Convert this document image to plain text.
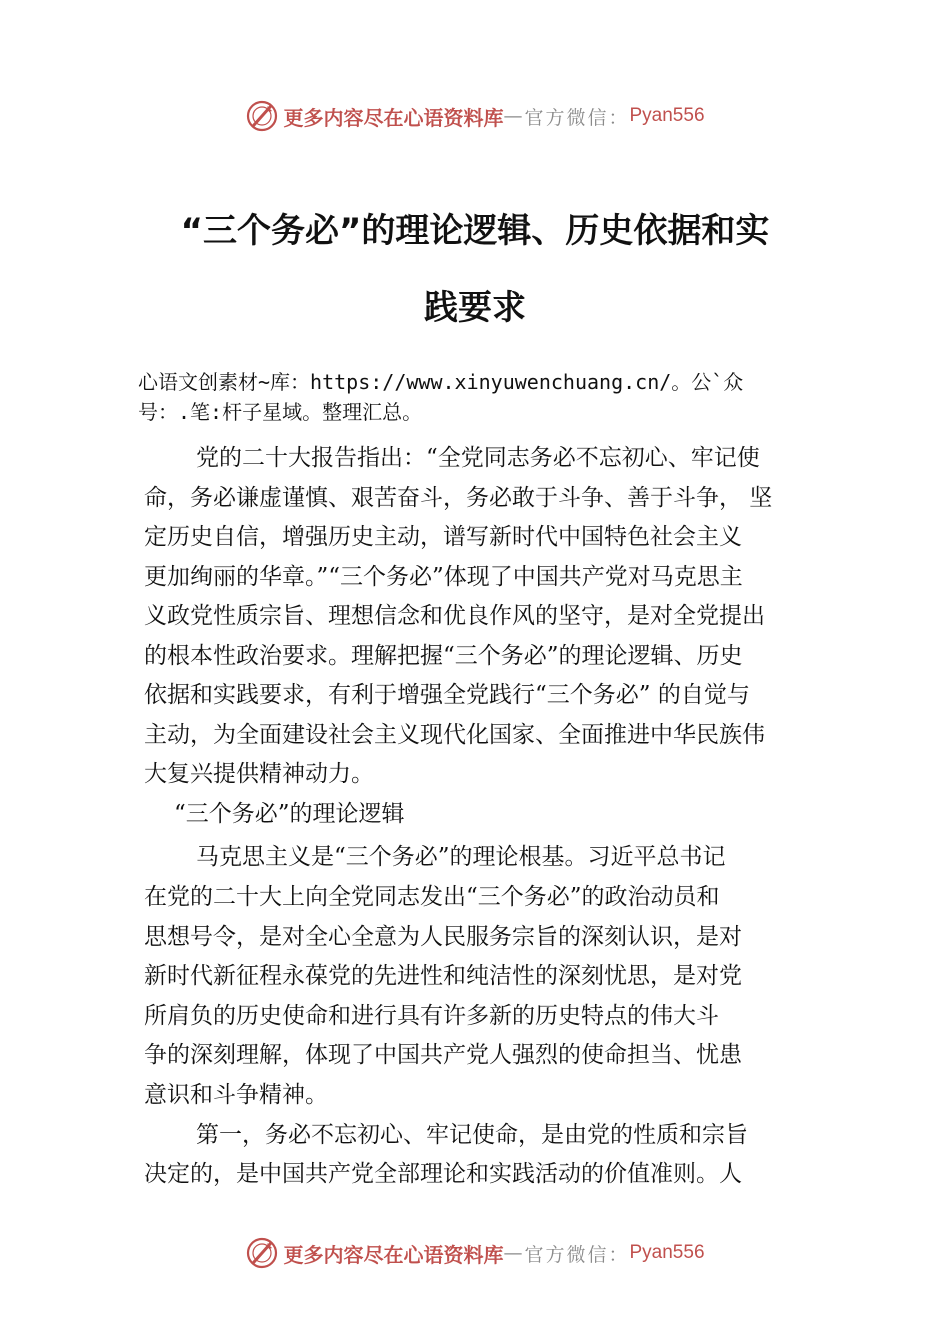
更多内容尽在心语资料库 — 官方微信： Pyan556
“三个务必”的理论逻辑、历史依据和实
践要求
心语文创素材~库：https://www.xinyuwenchuang.cn/。公`众
号：.笔:杆子星域。整理汇总。
党的二十大报告指出：“全党同志务必不忘初心、牢记使
命，务必谦虚谨慎、艰苦奋斗，务必敢于斗争、善于斗争， 坚
定历史自信，增强历史主动，谱写新时代中国特色社会主义
更加绚丽的华章。”“三个务必”体现了中国共产党对马克思主
义政党性质宗旨、理想信念和优良作风的坚守，是对全党提出
的根本性政治要求。理解把握“三个务必”的理论逻辑、历史
依据和实践要求，有利于增强全党践行“三个务必” 的自觉与
主动，为全面建设社会主义现代化国家、全面推进中华民族伟
大复兴提供精神动力。
“三个务必”的理论逻辑
马克思主义是“三个务必”的理论根基。习近平总书记
在党的二十大上向全党同志发出“三个务必”的政治动员和
思想号令，是对全心全意为人民服务宗旨的深刻认识，是对
新时代新征程永葆党的先进性和纯洁性的深刻忧思，是对党
所肩负的历史使命和进行具有许多新的历史特点的伟大斗
争的深刻理解，体现了中国共产党人强烈的使命担当、忧患
意识和斗争精神。
第一，务必不忘初心、牢记使命，是由党的性质和宗旨
决定的，是中国共产党全部理论和实践活动的价值准则。人
更多内容尽在心语资料库 — 官方微信： Pyan556
